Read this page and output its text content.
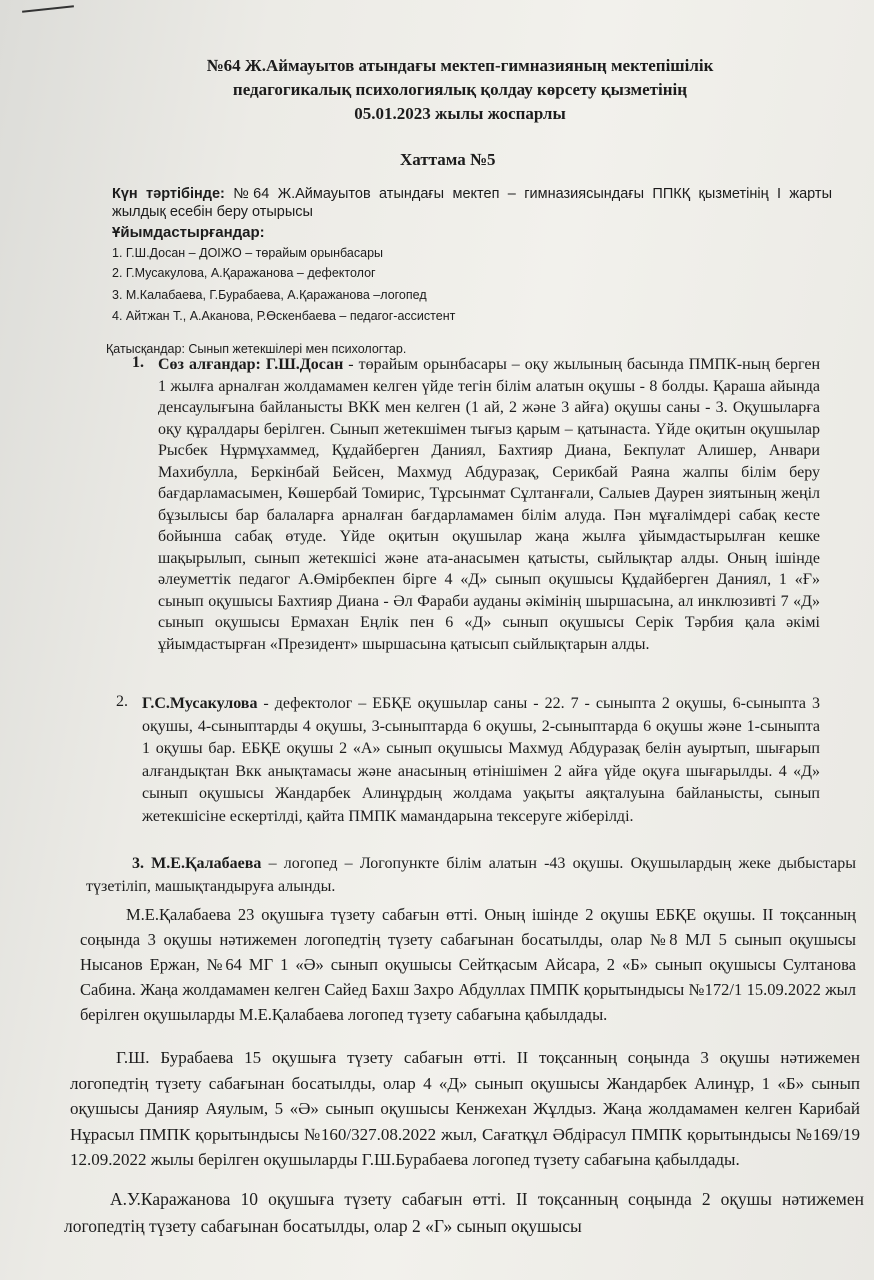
№64 Ж.Аймауытов атындағы мектеп-гимназияның мектепішілік
педагогикалық психологиялық қолдау көрсету қызметінің
05.01.2023 жылы жоспарлы
Хаттама №5
Күн тәртібінде: №64 Ж.Аймауытов атындағы мектеп – гимназиясындағы ППКҚ қызметінің I жарты жылдық есебін беру отырысы
Ұйымдастырғандар:
1. Г.Ш.Досан – ДОІЖО – төрайым орынбасары
2. Г.Мусакулова, А.Қаражанова – дефектолог
3. М.Калабаева, Г.Бурабаева, А.Қаражанова –логопед
4. Айтжан Т., А.Аканова, Р.Өскенбаева – педагог-ассистент
Қатысқандар: Сынып жетекшілері мен психологтар.
1. Сөз алғандар: Г.Ш.Досан - төрайым орынбасары – оқу жылының басында ПМПК-ның берген 1 жылға арналған жолдамамен келген үйде тегін білім алатын оқушы - 8 болды. Қараша айында денсаулығына байланысты ВКК мен келген (1 ай, 2 және 3 айға) оқушы саны - 3. Оқушыларға оқу құралдары берілген. Сынып жетекшімен тығыз қарым – қатынаста. Үйде оқитын оқушылар Рысбек Нұрмұхаммед, Құдайберген Даниял, Бахтияр Диана, Бекпулат Алишер, Анвари Махибулла, Беркінбай Бейсен, Махмуд Абдуразақ, Серикбай Раяна жалпы білім беру бағдарламасымен, Көшербай Томирис, Тұрсынмат Сұлтанғали, Салыев Даурен зиятының жеңіл бұзылысы бар балаларға арналған бағдарламамен білім алуда. Пән мұғалімдері сабақ кесте бойынша сабақ өтуде. Үйде оқитын оқушылар жаңа жылға ұйымдастырылған кешке шақырылып, сынып жетекшісі және ата-анасымен қатысты, сыйлықтар алды. Оның ішінде әлеуметтік педагог А.Өмірбекпен бірге 4 «Д» сынып оқушысы Құдайберген Даниял, 1 «Ғ» сынып оқушысы Бахтияр Диана - Әл Фараби ауданы әкімінің шыршасына, ал инклюзивті 7 «Д» сынып оқушысы Ермахан Еңлік пен 6 «Д» сынып оқушысы Серік Тәрбия қала әкімі ұйымдастырған «Президент» шыршасына қатысып сыйлықтарын алды.
2. Г.С.Мусакулова - дефектолог – ЕБҚЕ оқушылар саны - 22. 7 - сыныпта 2 оқушы, 6-сыныпта 3 оқушы, 4-сыныптарды 4 оқушы, 3-сыныптарда 6 оқушы, 2-сыныптарда 6 оқушы және 1-сыныпта 1 оқушы бар. ЕБҚЕ оқушы 2 «А» сынып оқушысы Махмуд Абдуразақ белін ауыртып, шығарып алғандықтан Вкк анықтамасы және анасының өтінішімен 2 айға үйде оқуға шығарылды. 4 «Д» сынып оқушысы Жандарбек Алинұрдың жолдама уақыты аяқталуына байланысты, сынып жетекшісіне ескертілді, қайта ПМПК мамандарына тексеруге жіберілді.
3. М.Е.Қалабаева – логопед – Логопункте білім алатын -43 оқушы. Оқушылардың жеке дыбыстары түзетіліп, машықтандыруға алынды.
М.Е.Қалабаева 23 оқушыға түзету сабағын өтті. Оның ішінде 2 оқушы ЕБҚЕ оқушы. II тоқсанның соңында 3 оқушы нәтижемен логопедтің түзету сабағынан босатылды, олар №8 МЛ 5 сынып оқушысы Нысанов Ержан, №64 МГ 1 «Ә» сынып оқушысы Сейтқасым Айсара, 2 «Б» сынып оқушысы Султанова Сабина. Жаңа жолдамамен келген Сайед Бахш Захро Абдуллах ПМПК қорытындысы №172/1 15.09.2022 жыл берілген оқушыларды М.Е.Қалабаева логопед түзету сабағына қабылдады.
Г.Ш. Бурабаева 15 оқушыға түзету сабағын өтті. II тоқсанның соңында 3 оқушы нәтижемен логопедтің түзету сабағынан босатылды, олар 4 «Д» сынып оқушысы Жандарбек Алинұр, 1 «Б» сынып оқушысы Данияр Аяулым, 5 «Ә» сынып оқушысы Кенжехан Жұлдыз. Жаңа жолдамамен келген Карибай Нұрасыл ПМПК қорытындысы №160/327.08.2022 жыл, Сағатқұл Әбдірасул ПМПК қорытындысы №169/19 12.09.2022 жылы берілген оқушыларды Г.Ш.Бурабаева логопед түзету сабағына қабылдады.
А.У.Каражанова 10 оқушыға түзету сабағын өтті. II тоқсанның соңында 2 оқушы нәтижемен логопедтің түзету сабағынан босатылды, олар 2 «Г» сынып оқушысы
